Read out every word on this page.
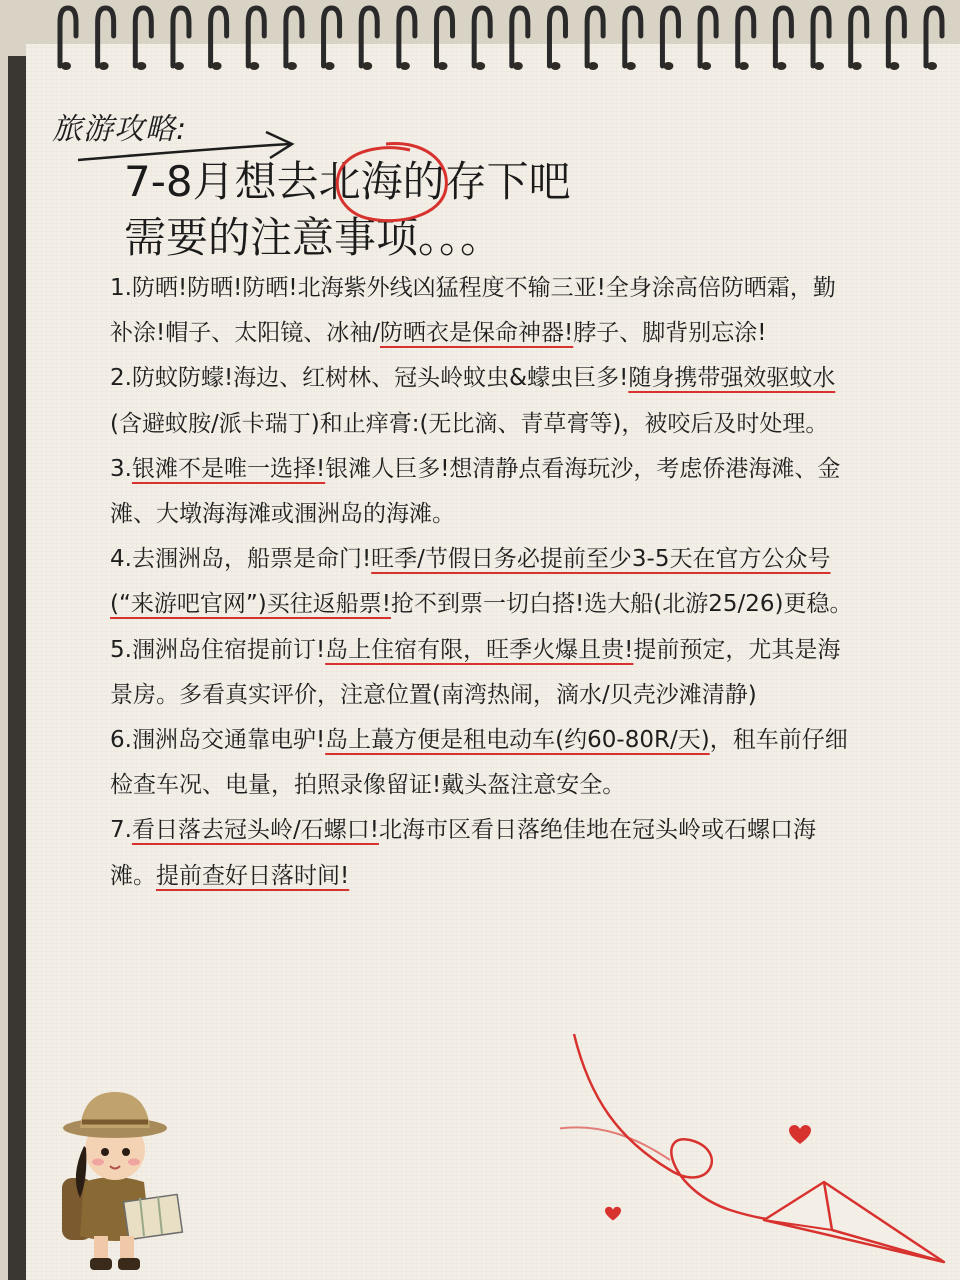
旅游攻略:
7-8月想去北海的存下吧
需要的注意事项。。。

1.防晒!防晒!防晒!北海紫外线凶猛程度不输三亚!全身涂高倍防晒霜，勤补涂!帽子、太阳镜、冰袖/防晒衣是保命神器!脖子、脚背别忘涂!

2.防蚊防蠓!海边、红树林、冠头岭蚊虫&蠓虫巨多!随身携带强效驱蚊水(含避蚊胺/派卡瑞丁)和止痒膏:(无比滴、青草膏等)，被咬后及时处理。

3.银滩不是唯一选择!银滩人巨多!想清静点看海玩沙，考虑侨港海滩、金滩、大墩海海滩或涠洲岛的海滩。

4.去涠洲岛，船票是命门!旺季/节假日务必提前至少3-5天在官方公众号(“来游吧官网”)买往返船票!抢不到票一切白搭!选大船(北游25/26)更稳。

5.涠洲岛住宿提前订!岛上住宿有限，旺季火爆且贵!提前预定，尤其是海景房。多看真实评价，注意位置(南湾热闹，滴水/贝壳沙滩清静)

6.涠洲岛交通靠电驴!岛上蕞方便是租电动车(约60-80R/天)，租车前仔细检查车况、电量，拍照录像留证!戴头盔注意安全。

7.看日落去冠头岭/石螺口!北海市区看日落绝佳地在冠头岭或石螺口海滩。提前查好日落时间!
